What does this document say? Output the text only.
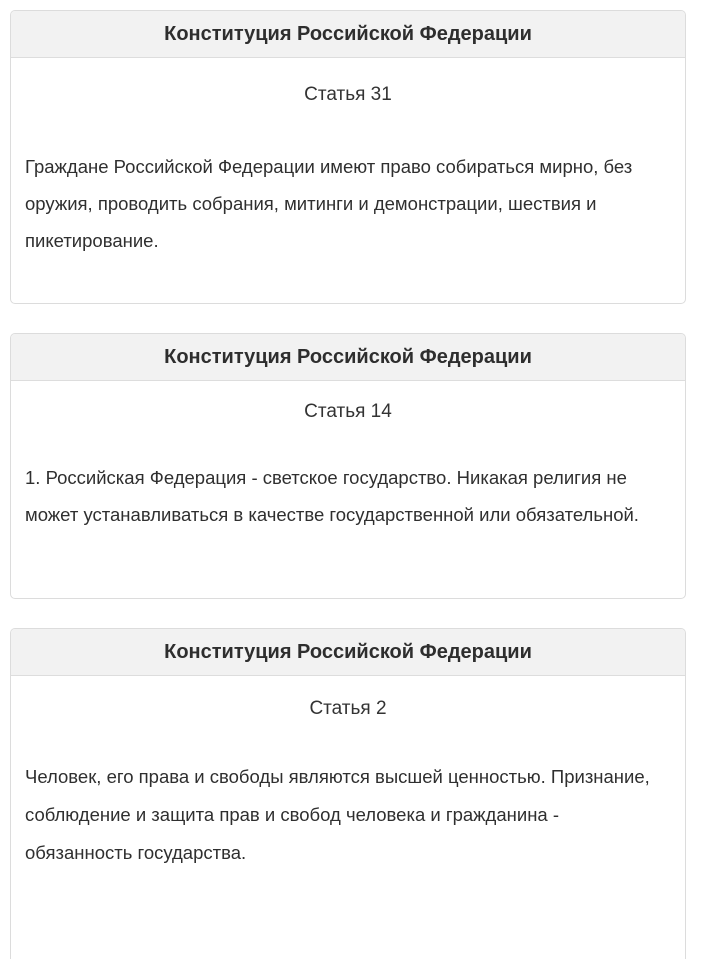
Конституция Российской Федерации
Статья 31
Граждане Российской Федерации имеют право собираться мирно, без оружия, проводить собрания, митинги и демонстрации, шествия и пикетирование.
Конституция Российской Федерации
Статья 14
1. Российская Федерация - светское государство. Никакая религия не может устанавливаться в качестве государственной или обязательной.
Конституция Российской Федерации
Статья 2
Человек, его права и свободы являются высшей ценностью. Признание, соблюдение и защита прав и свобод человека и гражданина - обязанность государства.
